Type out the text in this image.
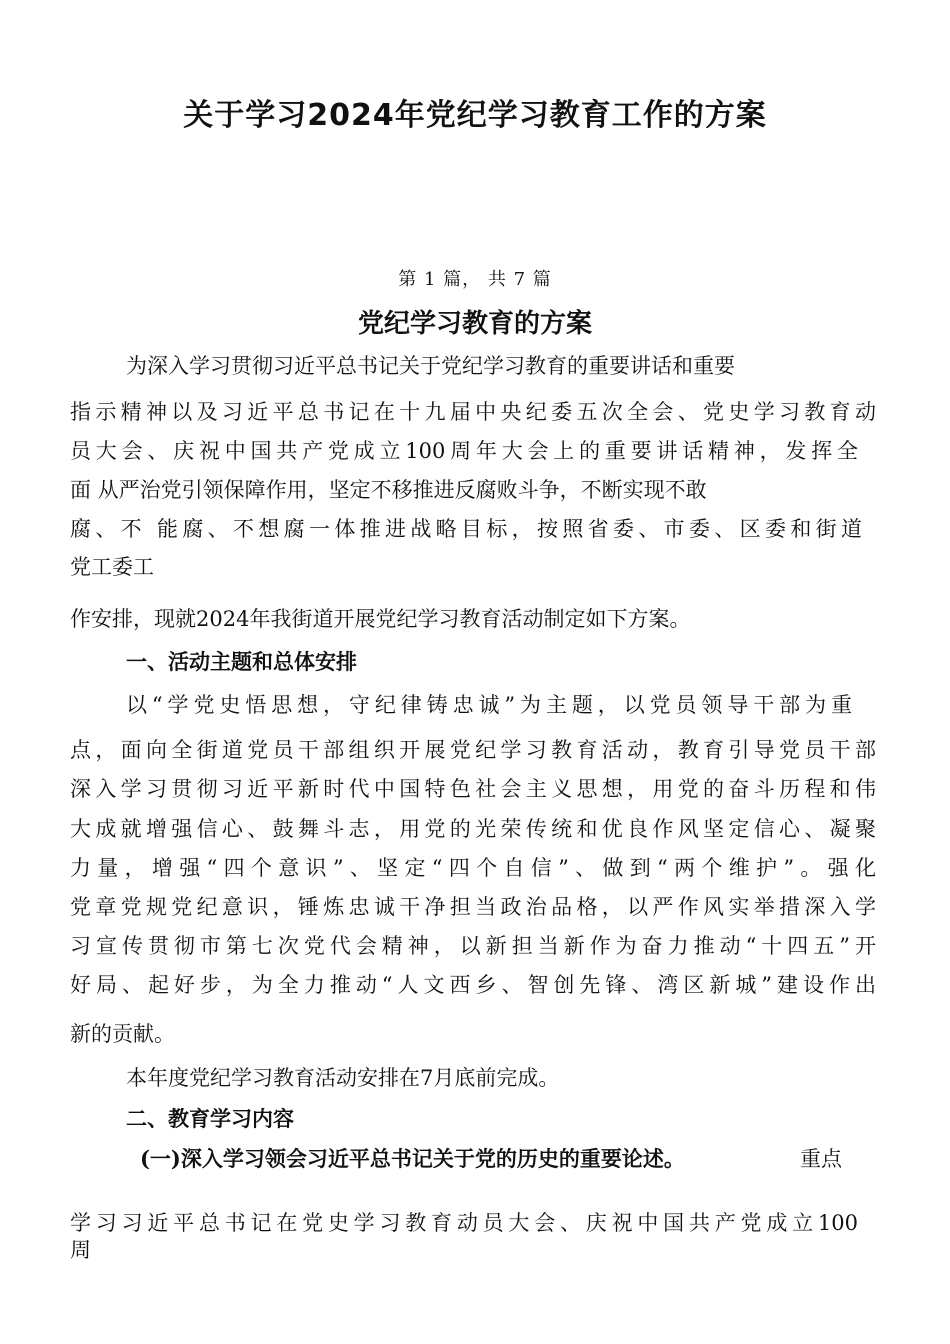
关于学习2024年党纪学习教育工作的方案
第 1 篇， 共 7 篇
党纪学习教育的方案
为深入学习贯彻习近平总书记关于党纪学习教育的重要讲话和重要
指示精神以及习近平总书记在十九届中央纪委五次全会、党史学习教育动
员大会、庆祝中国共产党成立100周年大会上的重要讲话精神，发挥全
面 从严治党引领保障作用，坚定不移推进反腐败斗争，不断实现不敢
腐、不 能腐、不想腐一体推进战略目标，按照省委、市委、区委和街道
党工委工
作安排，现就2024年我街道开展党纪学习教育活动制定如下方案。
一、活动主题和总体安排
以“学党史悟思想，守纪律铸忠诚”为主题，以党员领导干部为重
点，面向全街道党员干部组织开展党纪学习教育活动，教育引导党员干部
深入学习贯彻习近平新时代中国特色社会主义思想，用党的奋斗历程和伟
大成就增强信心、鼓舞斗志，用党的光荣传统和优良作风坚定信心、凝聚
力量，增强“四个意识”、坚定“四个自信”、做到“两个维护”。强化
党章党规党纪意识，锤炼忠诚干净担当政治品格，以严作风实举措深入学
习宣传贯彻市第七次党代会精神，以新担当新作为奋力推动“十四五”开
好局、起好步，为全力推动“人文西乡、智创先锋、湾区新城”建设作出
新的贡献。
本年度党纪学习教育活动安排在7月底前完成。
二、教育学习内容
(一)深入学习领会习近平总书记关于党的历史的重要论述。	重点
学习习近平总书记在党史学习教育动员大会、庆祝中国共产党成立100
周
